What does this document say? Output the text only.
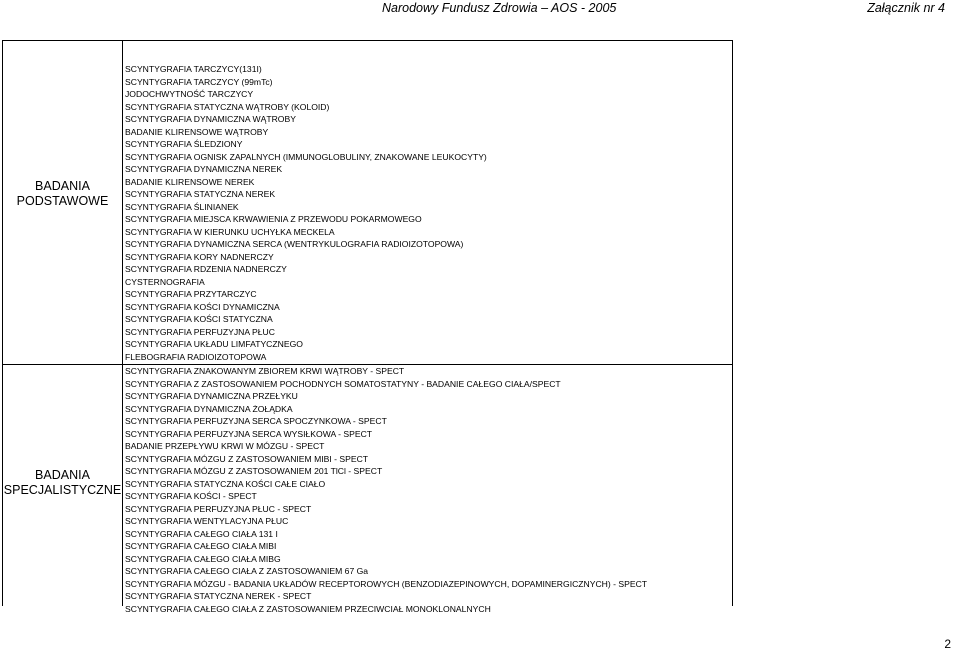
Narodowy Fundusz Zdrowia – AOS - 2005	Załącznik nr 4
BADANIA
PODSTAWOWE
SCYNTYGRAFIA TARCZYCY(131I)
SCYNTYGRAFIA TARCZYCY (99mTc)
JODOCHWYTNOŚĆ TARCZYCY
SCYNTYGRAFIA STATYCZNA WĄTROBY (KOLOID)
SCYNTYGRAFIA DYNAMICZNA WĄTROBY
BADANIE KLIRENSOWE WĄTROBY
SCYNTYGRAFIA ŚLEDZIONY
SCYNTYGRAFIA OGNISK ZAPALNYCH (IMMUNOGLOBULINY, ZNAKOWANE LEUKOCYTY)
SCYNTYGRAFIA DYNAMICZNA NEREK
BADANIE KLIRENSOWE NEREK
SCYNTYGRAFIA STATYCZNA NEREK
SCYNTYGRAFIA ŚLINIANEK
SCYNTYGRAFIA MIEJSCA KRWAWIENIA Z PRZEWODU POKARMOWEGO
SCYNTYGRAFIA W KIERUNKU UCHYŁKA MECKELA
SCYNTYGRAFIA DYNAMICZNA SERCA (WENTRYKULOGRAFIA RADIOIZOTOPOWA)
SCYNTYGRAFIA KORY NADNERCZY
SCYNTYGRAFIA RDZENIA NADNERCZY
CYSTERNOGRAFIA
SCYNTYGRAFIA PRZYTARCZYC
SCYNTYGRAFIA KOŚCI DYNAMICZNA
SCYNTYGRAFIA KOŚCI STATYCZNA
SCYNTYGRAFIA PERFUZYJNA PŁUC
SCYNTYGRAFIA UKŁADU LIMFATYCZNEGO
FLEBOGRAFIA RADIOIZOTOPOWA
BADANIA
SPECJALISTYCZNE
SCYNTYGRAFIA ZNAKOWANYM ZBIOREM KRWI WĄTROBY - SPECT
SCYNTYGRAFIA Z ZASTOSOWANIEM POCHODNYCH SOMATOSTATYNY - BADANIE CAŁEGO CIAŁA/SPECT
SCYNTYGRAFIA DYNAMICZNA PRZEŁYKU
SCYNTYGRAFIA DYNAMICZNA ŻOŁĄDKA
SCYNTYGRAFIA PERFUZYJNA SERCA SPOCZYNKOWA - SPECT
SCYNTYGRAFIA PERFUZYJNA SERCA WYSIŁKOWA - SPECT
BADANIE PRZEPŁYWU KRWI W MÓZGU - SPECT
SCYNTYGRAFIA MÓZGU Z ZASTOSOWANIEM MIBI - SPECT
SCYNTYGRAFIA MÓZGU Z ZASTOSOWANIEM 201 TlCl - SPECT
SCYNTYGRAFIA STATYCZNA KOŚCI CAŁE CIAŁO
SCYNTYGRAFIA KOŚCI - SPECT
SCYNTYGRAFIA PERFUZYJNA PŁUC - SPECT
SCYNTYGRAFIA WENTYLACYJNA PŁUC
SCYNTYGRAFIA CAŁEGO CIAŁA 131 I
SCYNTYGRAFIA CAŁEGO CIAŁA MIBI
SCYNTYGRAFIA CAŁEGO CIAŁA MIBG
SCYNTYGRAFIA CAŁEGO CIAŁA Z ZASTOSOWANIEM 67 Ga
SCYNTYGRAFIA MÓZGU - BADANIA UKŁADÓW RECEPTOROWYCH (BENZODIAZEPINOWYCH, DOPAMINERGICZNYCH) - SPECT
SCYNTYGRAFIA STATYCZNA NEREK - SPECT
SCYNTYGRAFIA CAŁEGO CIAŁA Z ZASTOSOWANIEM PRZECIWCIAŁ MONOKLONALNYCH
2
